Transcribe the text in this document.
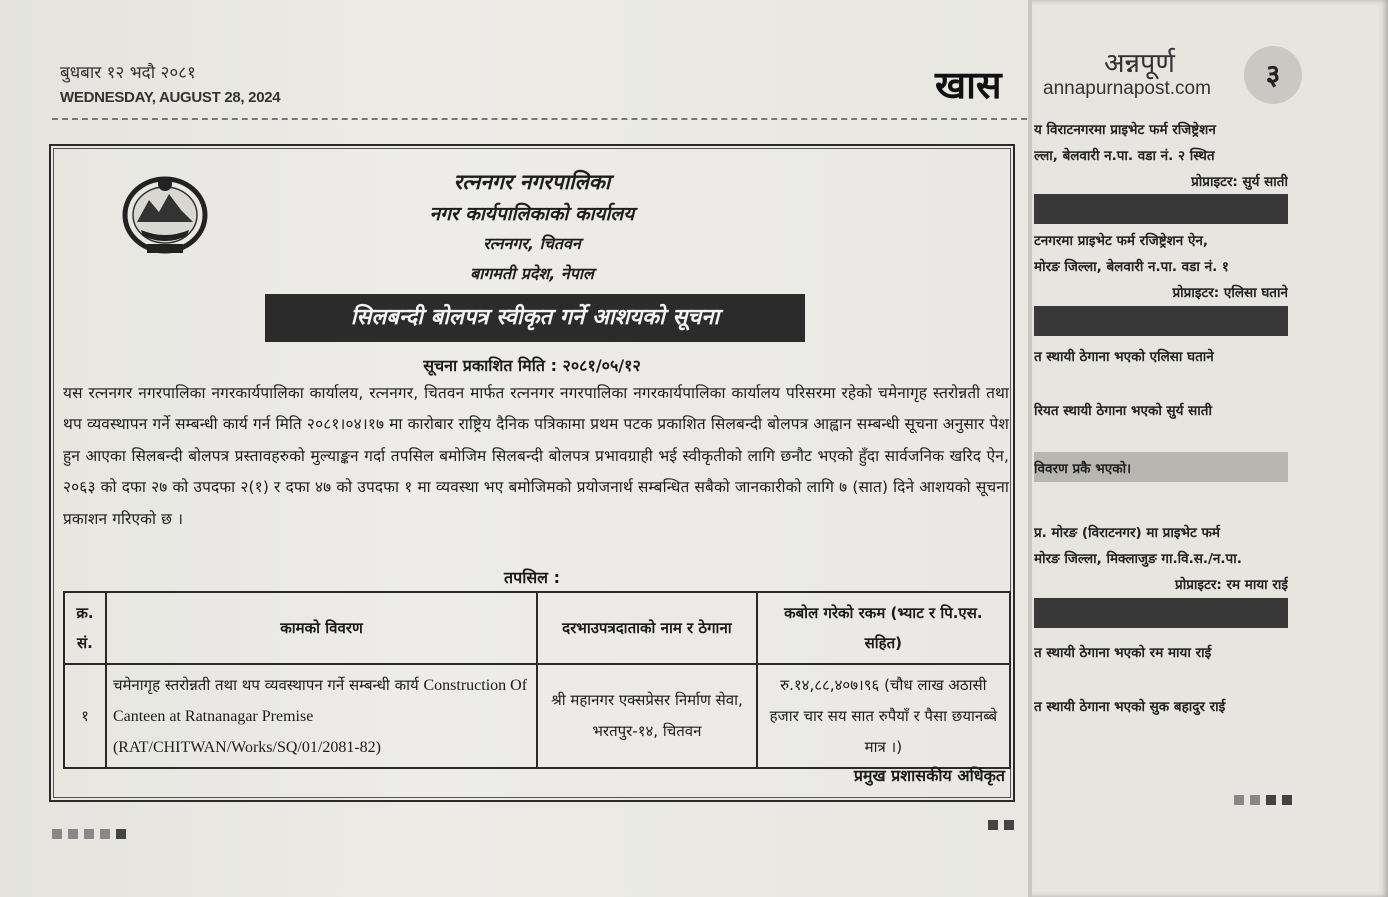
बुधबार १२ भदौ २०८१
WEDNESDAY, AUGUST 28, 2024	खास	अन्नपूर्ण
annapurnapost.com	३
रत्ननगर नगरपालिका
नगर कार्यपालिकाको कार्यालय
रत्ननगर, चितवन
बागमती प्रदेश, नेपाल
सिलबन्दी बोलपत्र स्वीकृत गर्ने आशयको सूचना
सूचना प्रकाशित मिति : २०८१/०५/१२
यस रत्ननगर नगरपालिका नगरकार्यपालिका कार्यालय, रत्ननगर, चितवन मार्फत रत्ननगर नगरपालिका नगरकार्यपालिका कार्यालय परिसरमा रहेको चमेनागृह स्तरोन्नती तथा थप व्यवस्थापन गर्ने सम्बन्धी कार्य गर्न मिति २०८१।०४।१७ मा कारोबार राष्ट्रिय दैनिक पत्रिकामा प्रथम पटक प्रकाशित सिलबन्दी बोलपत्र आह्वान सम्बन्धी सूचना अनुसार पेश हुन आएका सिलबन्दी बोलपत्र प्रस्तावहरुको मुल्याङ्कन गर्दा तपसिल बमोजिम सिलबन्दी बोलपत्र प्रभावग्राही भई स्वीकृतीको लागि छनौट भएको हुँदा सार्वजनिक खरिद ऐन, २०६३ को दफा २७ को उपदफा २(१) र दफा ४७ को उपदफा १ मा व्यवस्था भए बमोजिमको प्रयोजनार्थ सम्बन्धित सबैको जानकारीको लागि ७ (सात) दिने आशयको सूचना प्रकाशन गरिएको छ ।
तपसिल :
क्र. सं.	कामको विवरण	दरभाउपत्रदाताको नाम र ठेगाना	कबोल गरेको रकम (भ्याट र पि.एस. सहित)
१	चमेनागृह स्तरोन्नती तथा थप व्यवस्थापन गर्ने सम्बन्धी कार्य Construction Of Canteen at Ratnanagar Premise (RAT/CHITWAN/Works/SQ/01/2081-82)	श्री महानगर एक्सप्रेसर निर्माण सेवा, भरतपुर-१४, चितवन	रु.१४,८८,४०७।९६ (चौध लाख अठासी हजार चार सय सात रुपैयाँ र पैसा छयानब्बे मात्र ।)
प्रमुख प्रशासकीय अधिकृत
य विराटनगरमा प्राइभेट फर्म रजिष्ट्रेशन
ल्ला, बेलवारी न.पा. वडा नं. २ स्थित
प्रोप्राइटर: सुर्य साती
टनगरमा प्राइभेट फर्म रजिष्ट्रेशन ऐन,
मोरङ जिल्ला, बेलवारी न.पा. वडा नं. १
प्रोप्राइटर: एलिसा घताने
त स्थायी ठेगाना भएको एलिसा घताने
रियत स्थायी ठेगाना भएको सुर्य साती
विवरण प्रकै भएको।
प्र. मोरङ (विराटनगर) मा प्राइभेट फर्म
मोरङ जिल्ला, मिक्लाजुङ गा.वि.स./न.पा.
प्रोप्राइटर: रम माया राई
त स्थायी ठेगाना भएको रम माया राई
त स्थायी ठेगाना भएको सुक बहादुर राई
